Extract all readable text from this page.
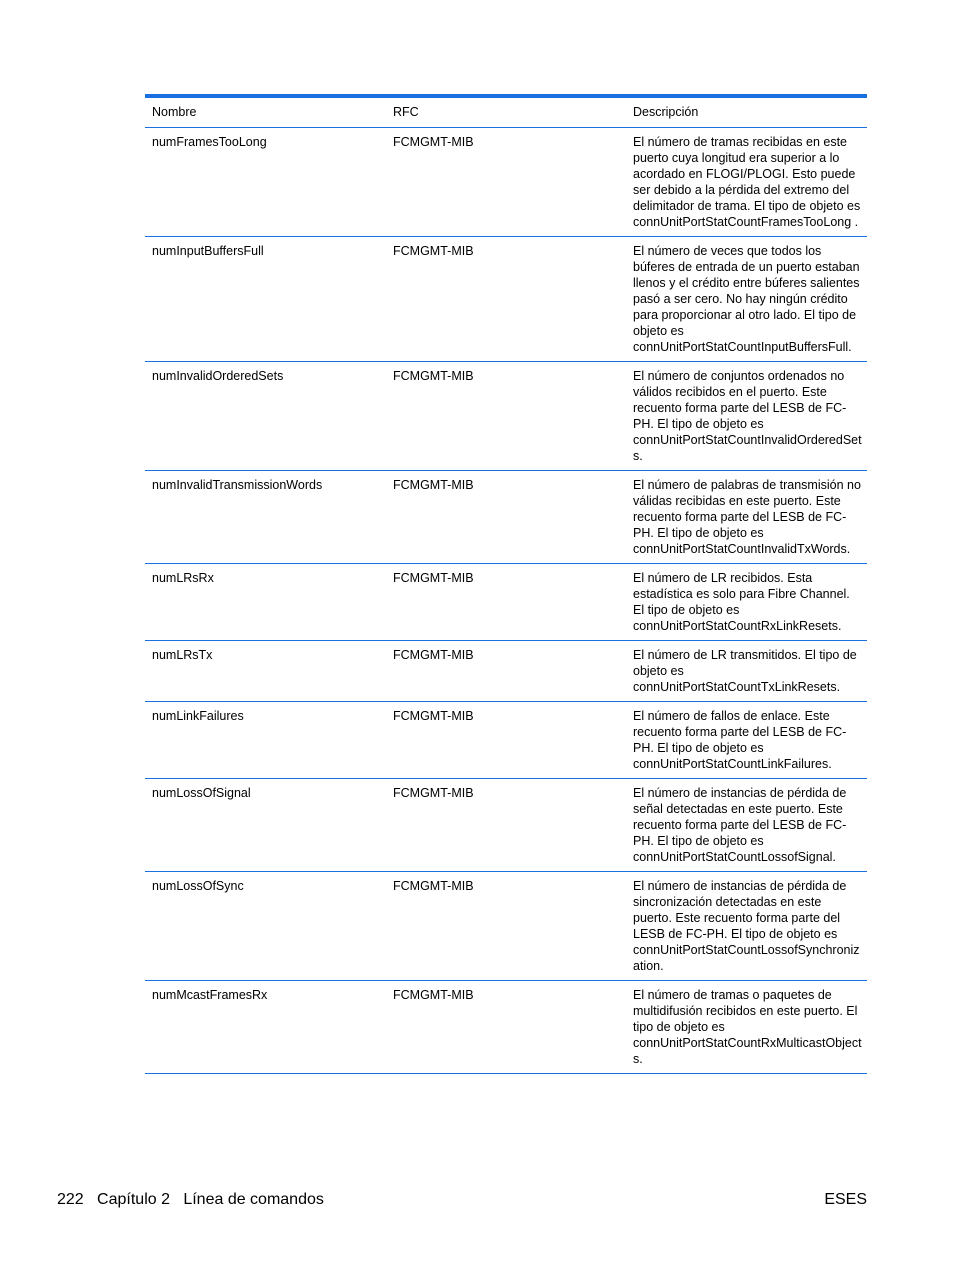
Nombre	RFC	Descripción
numFramesTooLong	FCMGMT-MIB	El número de tramas recibidas en este puerto cuya longitud era superior a lo acordado en FLOGI/PLOGI. Esto puede ser debido a la pérdida del extremo del delimitador de trama. El tipo de objeto es connUnitPortStatCountFramesTooLong .
numInputBuffersFull	FCMGMT-MIB	El número de veces que todos los búferes de entrada de un puerto estaban llenos y el crédito entre búferes salientes pasó a ser cero. No hay ningún crédito para proporcionar al otro lado. El tipo de objeto es connUnitPortStatCountInputBuffersFull.
numInvalidOrderedSets	FCMGMT-MIB	El número de conjuntos ordenados no válidos recibidos en el puerto. Este recuento forma parte del LESB de FC-PH. El tipo de objeto es connUnitPortStatCountInvalidOrderedSets.
numInvalidTransmissionWords	FCMGMT-MIB	El número de palabras de transmisión no válidas recibidas en este puerto. Este recuento forma parte del LESB de FC-PH. El tipo de objeto es connUnitPortStatCountInvalidTxWords.
numLRsRx	FCMGMT-MIB	El número de LR recibidos. Esta estadística es solo para Fibre Channel. El tipo de objeto es connUnitPortStatCountRxLinkResets.
numLRsTx	FCMGMT-MIB	El número de LR transmitidos. El tipo de objeto es connUnitPortStatCountTxLinkResets.
numLinkFailures	FCMGMT-MIB	El número de fallos de enlace. Este recuento forma parte del LESB de FC-PH. El tipo de objeto es connUnitPortStatCountLinkFailures.
numLossOfSignal	FCMGMT-MIB	El número de instancias de pérdida de señal detectadas en este puerto. Este recuento forma parte del LESB de FC-PH. El tipo de objeto es connUnitPortStatCountLossofSignal.
numLossOfSync	FCMGMT-MIB	El número de instancias de pérdida de sincronización detectadas en este puerto. Este recuento forma parte del LESB de FC-PH. El tipo de objeto es connUnitPortStatCountLossofSynchronization.
numMcastFramesRx	FCMGMT-MIB	El número de tramas o paquetes de multidifusión recibidos en este puerto. El tipo de objeto es connUnitPortStatCountRxMulticastObjects.
222 Capítulo 2 Línea de comandos	ESES
